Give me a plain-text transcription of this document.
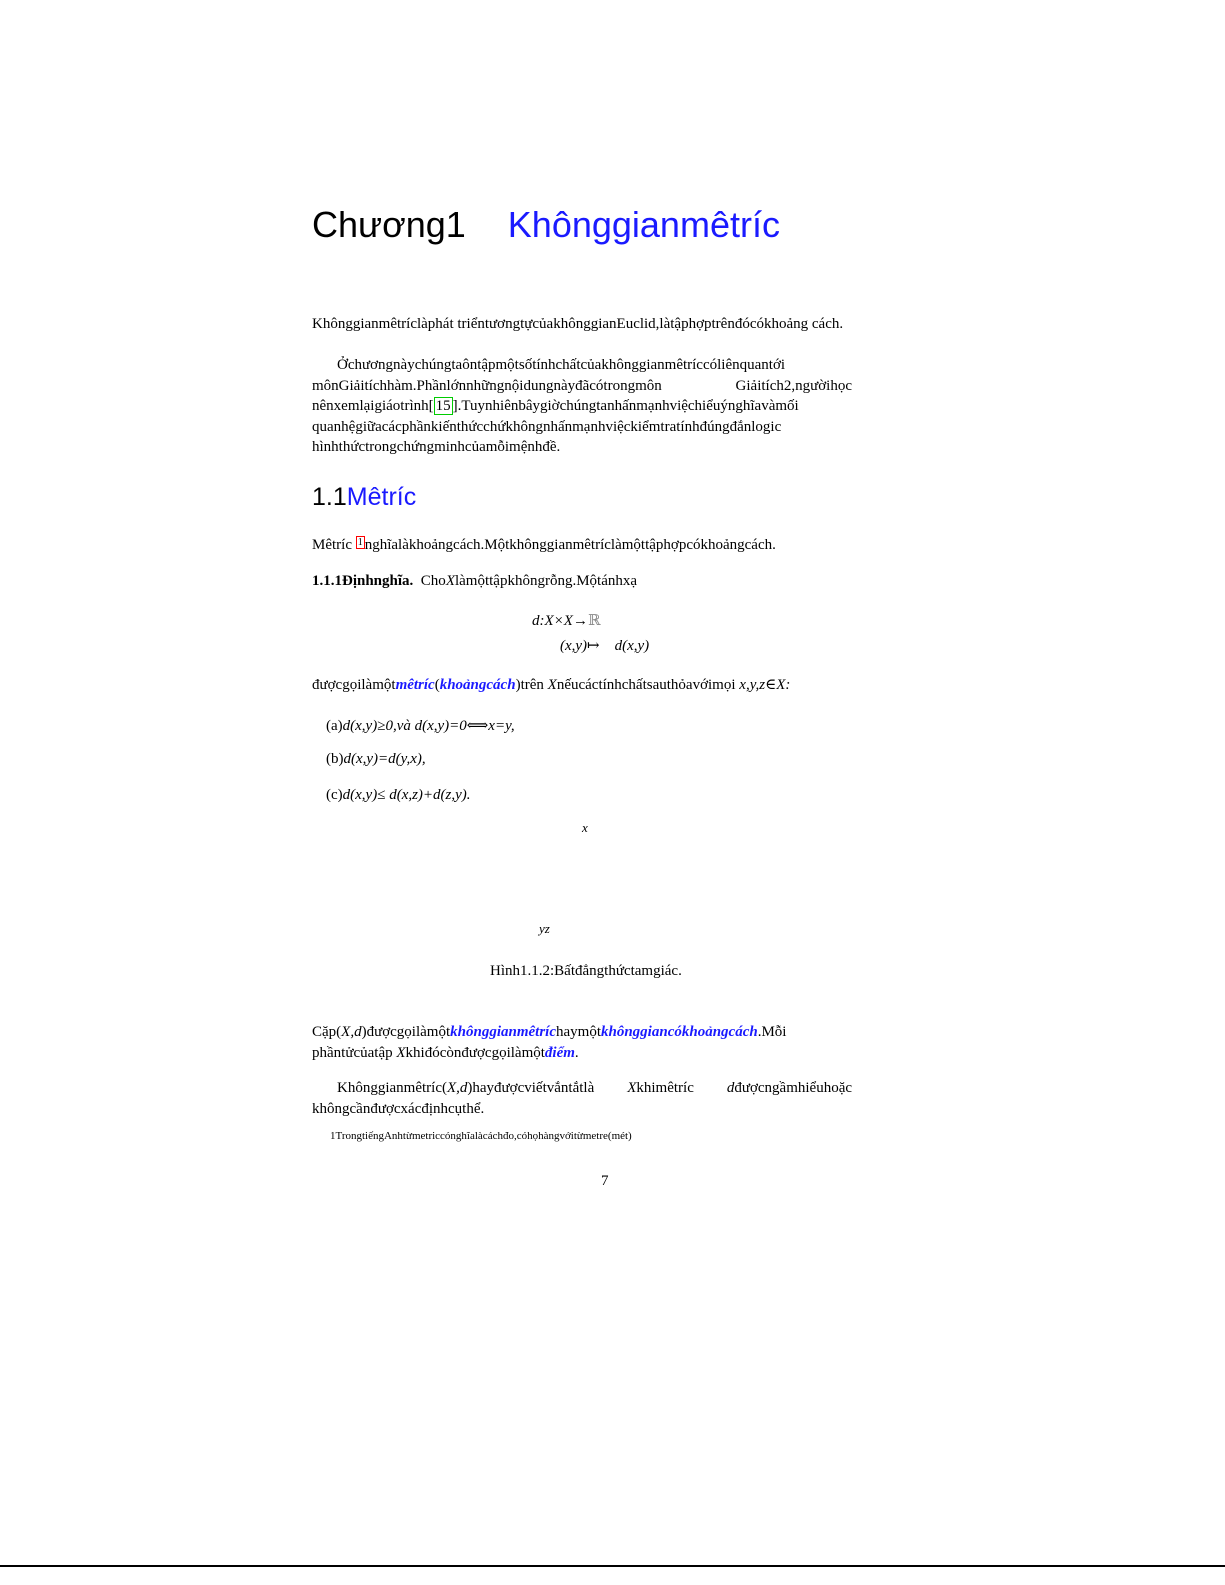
Chương1 Khônggianmêtríc
Khônggianmêtríclàphát triểntươngtựcủakhônggianEuclid,làtậphợptrênđócókhoảng cách.
Ởchươngnàychúngtaôntậpmộtsốtínhchấtcủakhônggianmêtríccóliênquantới mônGiảitíchhàm.Phầnlớnnhữngnộidungnàyđãcótrongmôn Giảitích2,ngườihọc nênxemlạigiáotrình[ 15 ].Tuynhiênbâygiờchúngtanhấnmạnhviệchiểuýnghĩavàmối quanhệgiữacácphầnkiếnthứcchứkhôngnhấnmạnhviệckiểmtratínhđúngđắnlogic hìnhthứctrongchứngminhcủamỗimệnhđề.
1.1Mêtríc
Mêtríc $^1$ nghĩalàkhoảngcách.Mộtkhônggianmêtríclàmộttậphợpcókhoảngcách.
1.1.1Địnhnghĩa. ChoXlàmộttậpkhôngrỗng.Mộtánhxạ
d:X×X→ℝ
(x,y)↦ d(x,y)
đượcgọilàmộtmêtríc(khoảngcách)trên Xnếucáctínhchấtsauthỏavớimọi x,y,z∈X:
(a)d(x,y)≥0,và d(x,y)=0⟺x=y,
(b)d(x,y)=d(y,x),
(c)d(x,y)≤ d(x,z)+d(z,y).
x
yz
Hình1.1.2:Bấtđẳngthứctamgiác.
Cặp(X,d)đượcgọilàmộtkhônggianmêtríchaymộtkhônggiancókhoảngcách.Mỗi phầntửcủatập Xkhiđócònđượcgọilàmộtđiểm.
Khônggianmêtríc(X,d)hayđượcviếtvắntắtlà Xkhimêtríc dđượcngầmhiểuhoặc khôngcầnđượcxácđịnhcụthể.
1TrongtiếngAnhtừmetriccónghĩalàcáchđo,cóhọhàngvớitừmetre(mét)
7
